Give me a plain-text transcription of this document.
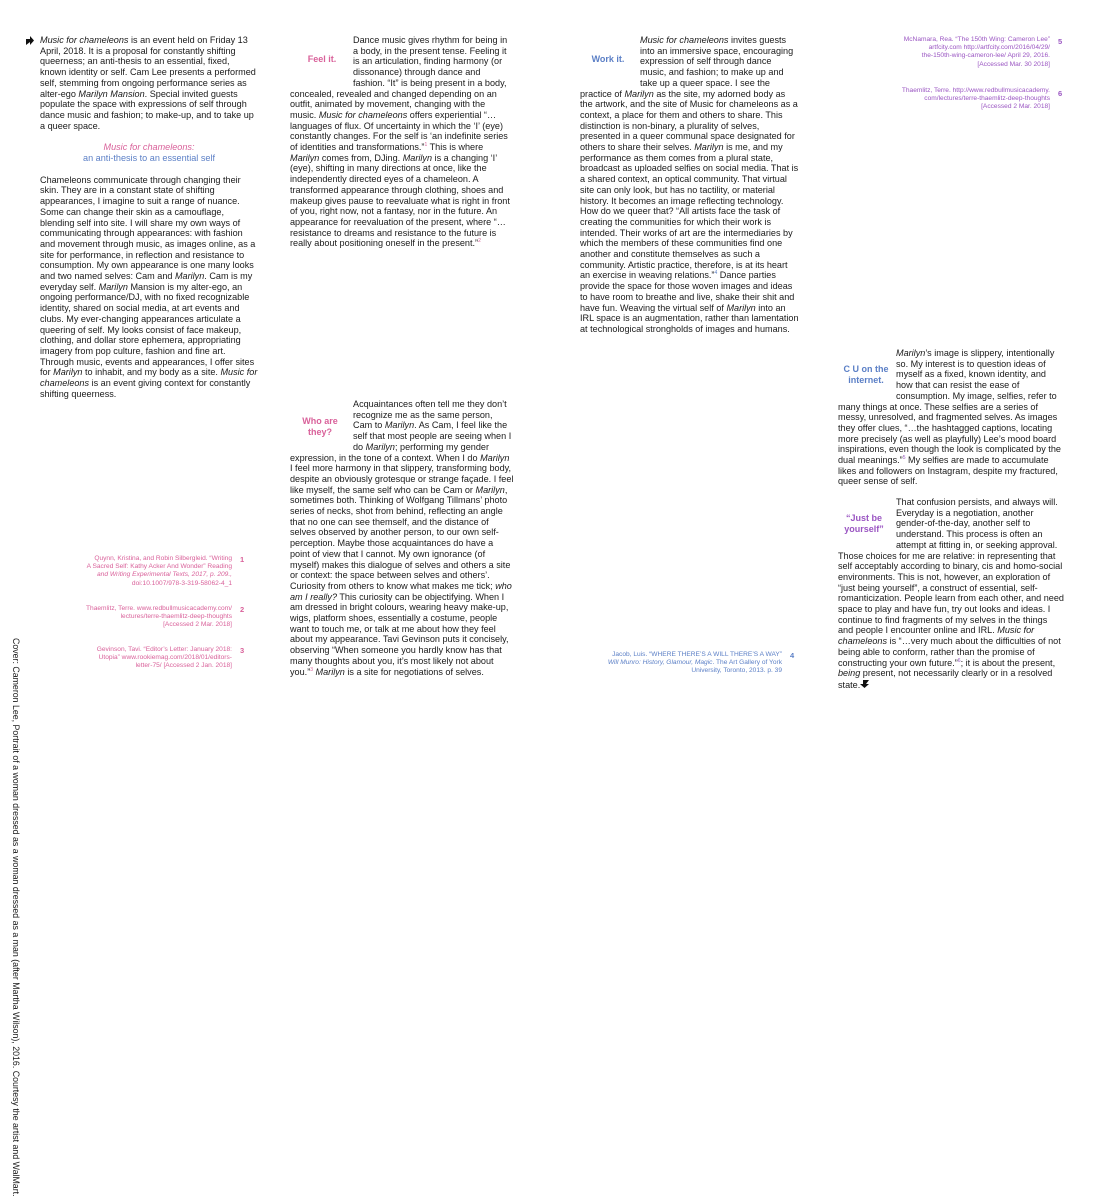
Cover: Cameron Lee, Portrait of a woman dressed as a woman dressed as a man (after Martha Wilson), 2016. Courtesy the artist and WalMart.

Music for chameleons is an event held on Friday 13 April, 2018. It is a proposal for constantly shifting queerness; an anti-thesis to an essential, fixed, known identity or self. Cam Lee presents a performed self, stemming from ongoing performance series as alter-ego Marilyn Mansion. Special invited guests populate the space with expressions of self through dance music and fashion; to make-up, and to take up a queer space.

Music for chameleons:
an anti-thesis to an essential self

Chameleons communicate through changing their skin. They are in a constant state of shifting appearances, I imagine to suit a range of nuance. Some can change their skin as a camouflage, blending self into site. I will share my own ways of communicating through appearances: with fashion and movement through music, as images online, as a site for performance, in reflection and resistance to consumption. My own appearance is one many looks and two named selves: Cam and Marilyn. Cam is my everyday self. Marilyn Mansion is my alter-ego, an ongoing performance/DJ, with no fixed recognizable identity, shared on social media, at art events and clubs. My ever-changing appearances articulate a queering of self. My looks consist of face makeup, clothing, and dollar store ephemera, appropriating imagery from pop culture, fashion and fine art. Through music, events and appearances, I offer sites for Marilyn to inhabit, and my body as a site. Music for chameleons is an event giving context for constantly shifting queerness.

Quynn, Kristina, and Robin Silbergleid. “Writing
A Sacred Self: Kathy Acker And Wonder” Reading
and Writing Experimental Texts, 2017, p. 209.,
doi:10.1007/978-3-319-58062-4_1
1
Thaemlitz, Terre. www.redbullmusicacademy.com/
lectures/terre-thaemlitz-deep-thoughts
[Accessed 2 Mar. 2018]
2
Gevinson, Tavi. “Editor’s Letter: January 2018:
Utopia” www.rookiemag.com/2018/01/editors-
letter-75/ [Accessed 2 Jan. 2018]
3
Feel it.

Dance music gives rhythm for being in a body, in the present tense. Feeling it is an articulation, finding harmony (or dissonance) through dance and fashion. “It” is being present in a body, concealed, revealed and changed depending on an outfit, animated by movement, changing with the music. Music for chameleons offers experiential “…languages of flux. Of uncertainty in which the ‘I’ (eye) constantly changes. For the self is ‘an indefinite series of identities and transformations.”$^1$ This is where Marilyn comes from, DJing. Marilyn is a changing ‘I’ (eye), shifting in many directions at once, like the independently directed eyes of a chameleon. A transformed appearance through clothing, shoes and makeup gives pause to reevaluate what is right in front of you, right now, not a fantasy, nor in the future. An appearance for reevaluation of the present, where “…resistance to dreams and resistance to the future is really about positioning oneself in the present.”$^2$

Who are
they?

Acquaintances often tell me they don’t recognize me as the same person, Cam to Marilyn. As Cam, I feel like the self that most people are seeing when I do Marilyn; performing my gender expression, in the tone of a context. When I do Marilyn I feel more harmony in that slippery, transforming body, despite an obviously grotesque or strange façade. I feel like myself, the same self who can be Cam or Marilyn, sometimes both. Thinking of Wolfgang Tillmans’ photo series of necks, shot from behind, reflecting an angle that no one can see themself, and the distance of selves observed by another person, to our own self-perception. Maybe those acquaintances do have a point of view that I cannot. My own ignorance (of myself) makes this dialogue of selves and others a site or context: the space between selves and others’. Curiosity from others to know what makes me tick; who am I really? This curiosity can be objectifying. When I am dressed in bright colours, wearing heavy make-up, wigs, platform shoes, essentially a costume, people want to touch me, or talk at me about how they feel about my appearance. Tavi Gevinson puts it concisely, observing “When someone you hardly know has that many thoughts about you, it’s most likely not about you.”$^3$ Marilyn is a site for negotiations of selves.

Work it.

Music for chameleons invites guests into an immersive space, encouraging expression of self through dance music, and fashion; to make up and take up a queer space. I see the practice of Marilyn as the site, my adorned body as the artwork, and the site of Music for chameleons as a context, a place for them and others to share. This distinction is non-binary, a plurality of selves, presented in a queer communal space designated for others to share their selves. Marilyn is me, and my performance as them comes from a plural state, broadcast as uploaded selfies on social media. That is a shared context, an optical community. That virtual site can only look, but has no tactility, or material history. It becomes an image reflecting technology. How do we queer that? “All artists face the task of creating the communities for which their work is intended. Their works of art are the intermediaries by which the members of these communities find one another and constitute themselves as such a community. Artistic practice, therefore, is at its heart an exercise in weaving relations.”$^4$ Dance parties provide the space for those woven images and ideas to have room to breathe and live, shake their shit and have fun. Weaving the virtual self of Marilyn into an IRL space is an augmentation, rather than lamentation at technological strongholds of images and humans.

Jacob, Luis. “WHERE THERE’S A WILL THERE’S A WAY”
Will Munro: History, Glamour, Magic. The Art Gallery of York
University, Toronto, 2013. p. 39
4
McNamara, Rea. “The 150th Wing: Cameron Lee”
artfcity.com http://artfcity.com/2016/04/29/
the-150th-wing-cameron-lee/ April 29, 2016.
[Accessed Mar. 30 2018]
5
Thaemlitz, Terre. http://www.redbullmusicacademy.
com/lectures/terre-thaemlitz-deep-thoughts
[Accessed 2 Mar. 2018]
6
C U on the
internet.

Marilyn’s image is slippery, intentionally so. My interest is to question ideas of myself as a fixed, known identity, and how that can resist the ease of consumption. My image, selfies, refer to many things at once. These selfies are a series of messy, unresolved, and fragmented selves. As images they offer clues, “…the hashtagged captions, locating more precisely (as well as playfully) Lee’s mood board inspirations, even though the look is complicated by the dual meanings.”$^5$ My selfies are made to accumulate likes and followers on Instagram, despite my fractured, queer sense of self.

“Just be
yourself”

That confusion persists, and always will. Everyday is a negotiation, another gender-of-the-day, another self to understand. This process is often an attempt at fitting in, or seeking approval. Those choices for me are relative: in representing that self acceptably according to binary, cis and homo-social environments. This is not, however, an exploration of “just being yourself”, a construct of essential, self-romanticization. People learn from each other, and need space to play and have fun, try out looks and ideas. I continue to find fragments of my selves in the things and people I encounter online and IRL. Music for chameleons is “…very much about the difficulties of not being able to conform, rather than the promise of constructing your own future.”$^6$; it is about the present, being present, not necessarily clearly or in a resolved state.
